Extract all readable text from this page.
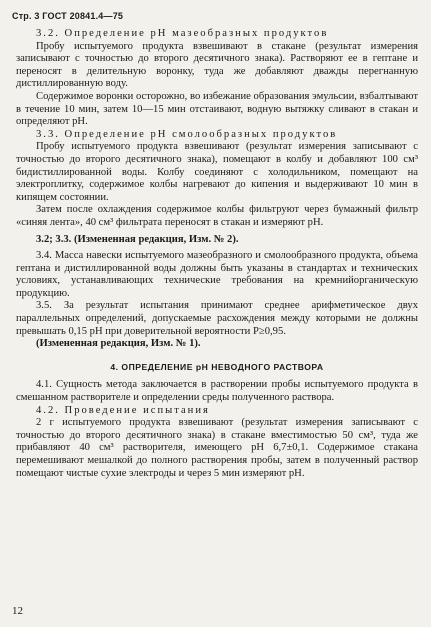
Стр. 3 ГОСТ 20841.4—75

3.2. Определение pH мазеобразных продуктов

Пробу испытуемого продукта взвешивают в стакане (результат измерения записывают с точностью до второго десятичного знака). Растворяют ее в гептане и переносят в делительную воронку, туда же добавляют дважды перегнанную дистиллированную воду.

Содержимое воронки осторожно, во избежание образования эмульсии, взбалтывают в течение 10 мин, затем 10—15 мин отстаивают, водную вытяжку сливают в стакан и определяют pH.

3.3. Определение pH смолообразных продуктов

Пробу испытуемого продукта взвешивают (результат измерения записывают с точностью до второго десятичного знака), помещают в колбу и добавляют 100 см³ бидистиллированной воды. Колбу соединяют с холодильником, помещают на электроплитку, содержимое колбы нагревают до кипения и выдерживают 10 мин в кипящем состоянии.

Затем после охлаждения содержимое колбы фильтруют через бумажный фильтр «синяя лента», 40 см³ фильтрата переносят в стакан и измеряют pH.

3.2; 3.3. (Измененная редакция, Изм. № 2).

3.4. Масса навески испытуемого мазеобразного и смолообразного продукта, объема гептана и дистиллированной воды должны быть указаны в стандартах и технических условиях, устанавливающих технические требования на кремнийорганическую продукцию.

3.5. За результат испытания принимают среднее арифметическое двух параллельных определений, допускаемые расхождения между которыми не должны превышать 0,15 pH при доверительной вероятности P≥0,95.

(Измененная редакция, Изм. № 1).

4. ОПРЕДЕЛЕНИЕ pH НЕВОДНОГО РАСТВОРА

4.1. Сущность метода заключается в растворении пробы испытуемого продукта в смешанном растворителе и определении среды полученного раствора.

4.2. Проведение испытания

2 г испытуемого продукта взвешивают (результат измерения записывают с точностью до второго десятичного знака) в стакане вместимостью 50 см³, туда же прибавляют 40 см³ растворителя, имеющего pH 6,7±0,1. Содержимое стакана перемешивают мешалкой до полного растворения пробы, затем в полученный раствор помещают чистые сухие электроды и через 5 мин измеряют pH.

12
